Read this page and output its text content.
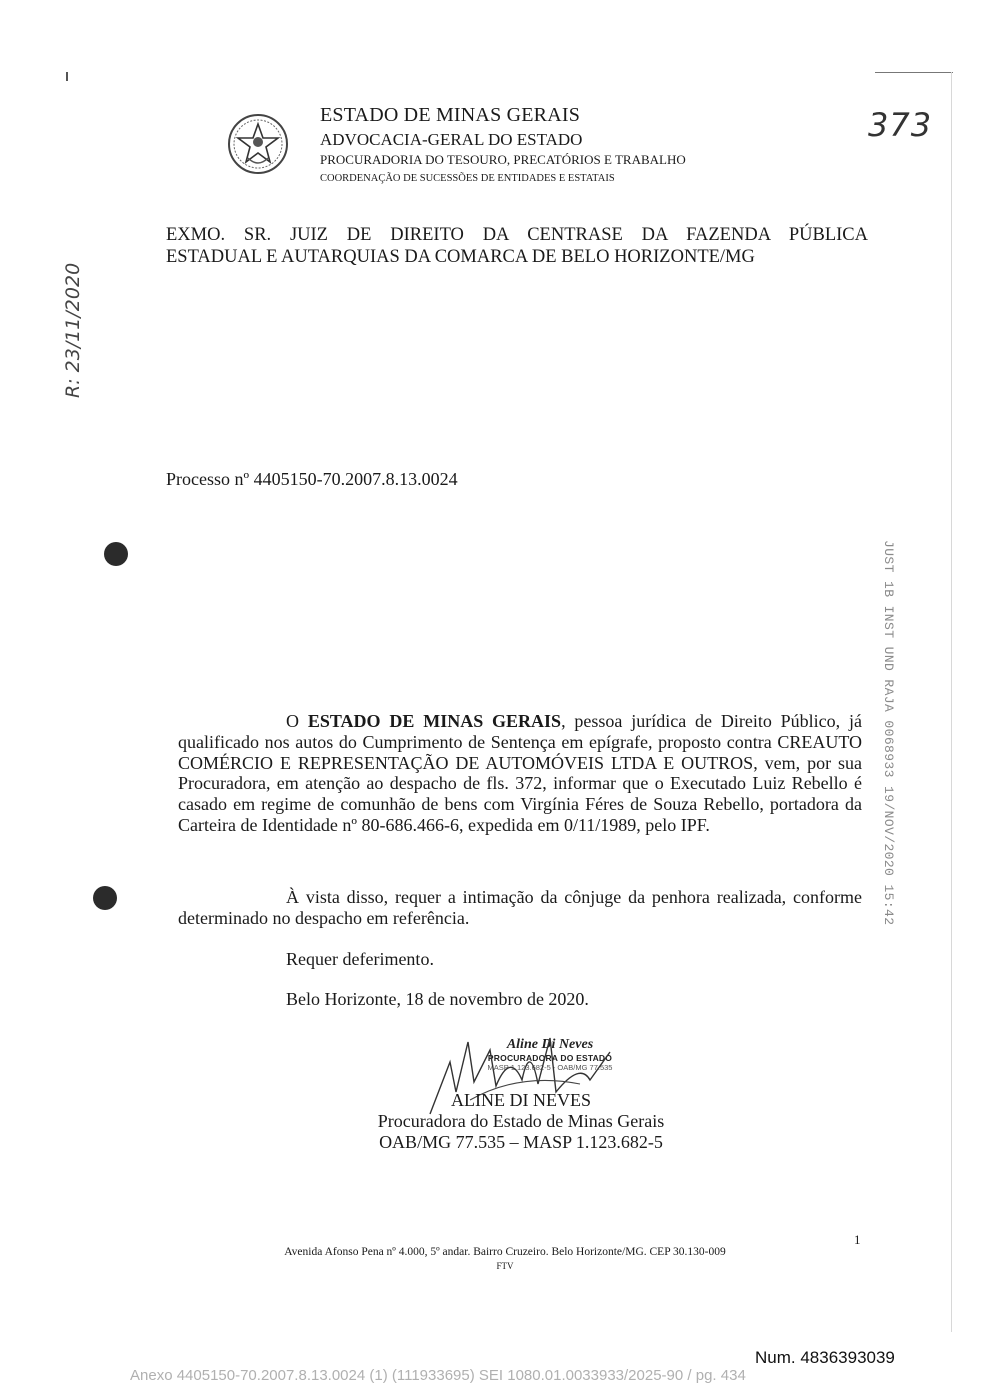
ESTADO DE MINAS GERAIS
ADVOCACIA-GERAL DO ESTADO
PROCURADORIA DO TESOURO, PRECATÓRIOS E TRABALHO
COORDENAÇÃO DE SUCESSÕES DE ENTIDADES E ESTATAIS
373
EXMO. SR. JUIZ DE DIREITO DA CENTRASE DA FAZENDA PÚBLICA
ESTADUAL E AUTARQUIAS DA COMARCA DE BELO HORIZONTE/MG
R: 23/11/2020
JUST 1B INST UND RAJA 0068933 19/NOV/2020 15:42
Processo nº 4405150-70.2007.8.13.0024
O ESTADO DE MINAS GERAIS, pessoa jurídica de Direito Público, já qualificado nos autos do Cumprimento de Sentença em epígrafe, proposto contra CREAUTO COMÉRCIO E REPRESENTAÇÃO DE AUTOMÓVEIS LTDA E OUTROS, vem, por sua Procuradora, em atenção ao despacho de fls. 372, informar que o Executado Luiz Rebello é casado em regime de comunhão de bens com Virgínia Féres de Souza Rebello, portadora da Carteira de Identidade nº 80-686.466-6, expedida em 0/11/1989, pelo IPF.
À vista disso, requer a intimação da cônjuge da penhora realizada, conforme determinado no despacho em referência.
Requer deferimento.
Belo Horizonte, 18 de novembro de 2020.
Aline Di Neves
PROCURADORA DO ESTADO
MASP 1.123.682-5 - OAB/MG 77.535
ALINE DI NEVES
Procuradora do Estado de Minas Gerais
OAB/MG 77.535 – MASP 1.123.682-5
1
Avenida Afonso Pena nº 4.000, 5º andar. Bairro Cruzeiro. Belo Horizonte/MG. CEP 30.130-009
FTV
Num. 4836393039
Anexo 4405150-70.2007.8.13.0024 (1) (111933695) SEI 1080.01.0033933/2025-90 / pg. 434
